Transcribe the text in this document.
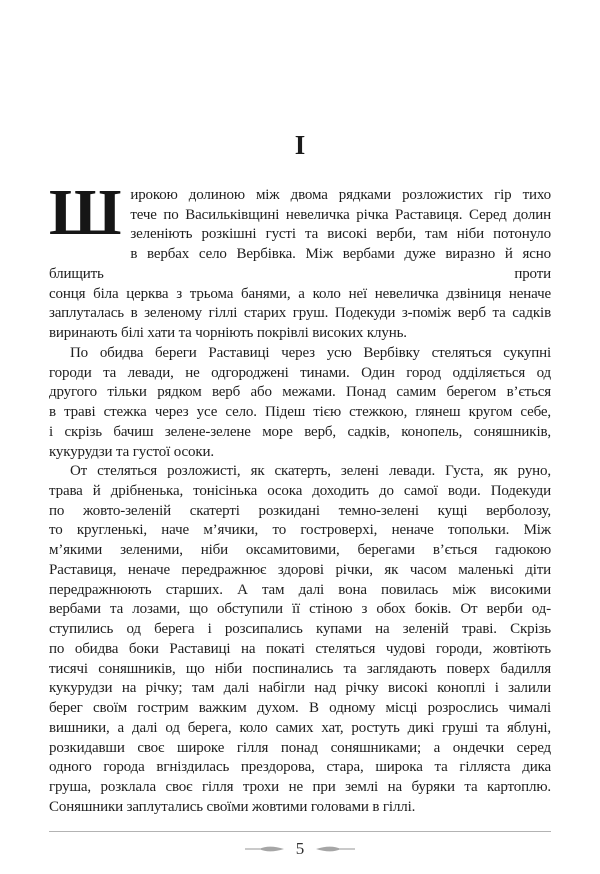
I
Ш ирокою долиною між двома рядками розложистих гір тихо
тече по Васильківщині невеличка річка Раставиця. Серед долин
зеленіють розкішні густі та високі верби, там ніби потонуло
в вербах село Вербівка. Між вербами дуже виразно й ясно блищить проти
сонця біла церква з трьома банями, а коло неї невеличка дзвіниця неначе
заплуталась в зеленому гіллі старих груш. Подекуди з-поміж верб та садків
виринають білі хати та чорніють покрівлі високих клунь.
По обидва береги Раставиці через усю Вербівку стеляться сукупні
городи та левади, не одгороджені тинами. Один город одділяється од
другого тільки рядком верб або межами. Понад самим берегом в’ється
в траві стежка через усе село. Підеш тією стежкою, глянеш кругом себе,
і скрізь бачиш зелене-зелене море верб, садків, конопель, соняшників,
кукурудзи та густої осоки.
От стеляться розложисті, як скатерть, зелені левади. Густа, як руно,
трава й дрібненька, тонісінька осока доходить до самої води. Подекуди
по жовто-зеленій скатерті розкидані темно-зелені кущі верболозу,
то кругленькі, наче м’ячики, то гостроверхі, неначе топольки. Між
м’якими зеленими, ніби оксамитовими, берегами в’ється гадюкою
Раставиця, неначе передражнює здорові річки, як часом маленькі діти
передражнюють старших. А там далі вона повилась між високими
вербами та лозами, що обступили її стіною з обох боків. От верби од-
ступились од берега і розсипались купами на зеленій траві. Скрізь
по обидва боки Раставиці на покаті стеляться чудові городи, жовтіють
тисячі соняшників, що ніби поспинались та заглядають поверх бадилля
кукурудзи на річку; там далі набігли над річку високі коноплі і залили
берег своїм гострим важким духом. В одному місці розрослись чималі
вишники, а далі од берега, коло самих хат, ростуть дикі груші та яблуні,
розкидавши своє широке гілля понад соняшниками; а ондечки серед
одного города вгніздилась прездорова, стара, широка та гілляста дика
груша, розклала своє гілля трохи не при землі на буряки та картоплю.
Соняшники заплутались своїми жовтими головами в гіллі.
5
